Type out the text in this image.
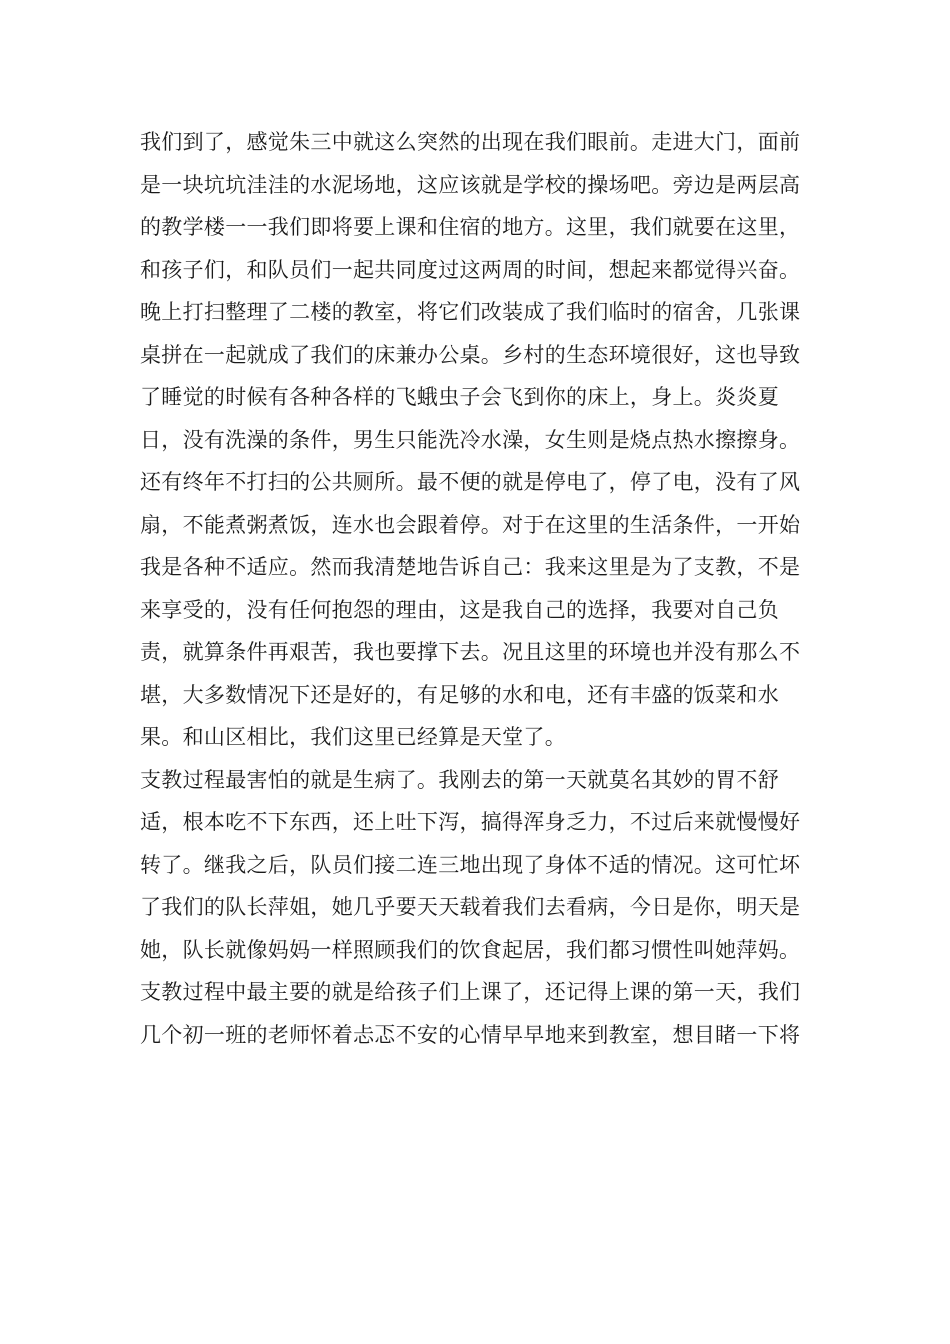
我们到了，感觉朱三中就这么突然的出现在我们眼前。走进大门，面前
是一块坑坑洼洼的水泥场地，这应该就是学校的操场吧。旁边是两层高
的教学楼一一我们即将要上课和住宿的地方。这里，我们就要在这里，
和孩子们，和队员们一起共同度过这两周的时间，想起来都觉得兴奋。
晚上打扫整理了二楼的教室，将它们改装成了我们临时的宿舍，几张课
桌拼在一起就成了我们的床兼办公桌。乡村的生态环境很好，这也导致
了睡觉的时候有各种各样的飞蛾虫子会飞到你的床上，身上。炎炎夏
日，没有洗澡的条件，男生只能洗冷水澡，女生则是烧点热水擦擦身。
还有终年不打扫的公共厕所。最不便的就是停电了，停了电，没有了风
扇，不能煮粥煮饭，连水也会跟着停。对于在这里的生活条件，一开始
我是各种不适应。然而我清楚地告诉自己：我来这里是为了支教，不是
来享受的，没有任何抱怨的理由，这是我自己的选择，我要对自己负
责，就算条件再艰苦，我也要撑下去。况且这里的环境也并没有那么不
堪，大多数情况下还是好的，有足够的水和电，还有丰盛的饭菜和水
果。和山区相比，我们这里已经算是天堂了。
支教过程最害怕的就是生病了。我刚去的第一天就莫名其妙的胃不舒
适，根本吃不下东西，还上吐下泻，搞得浑身乏力，不过后来就慢慢好
转了。继我之后，队员们接二连三地出现了身体不适的情况。这可忙坏
了我们的队长萍姐，她几乎要天天载着我们去看病，今日是你，明天是
她，队长就像妈妈一样照顾我们的饮食起居，我们都习惯性叫她萍妈。
支教过程中最主要的就是给孩子们上课了，还记得上课的第一天，我们
几个初一班的老师怀着忐忑不安的心情早早地来到教室，想目睹一下将
